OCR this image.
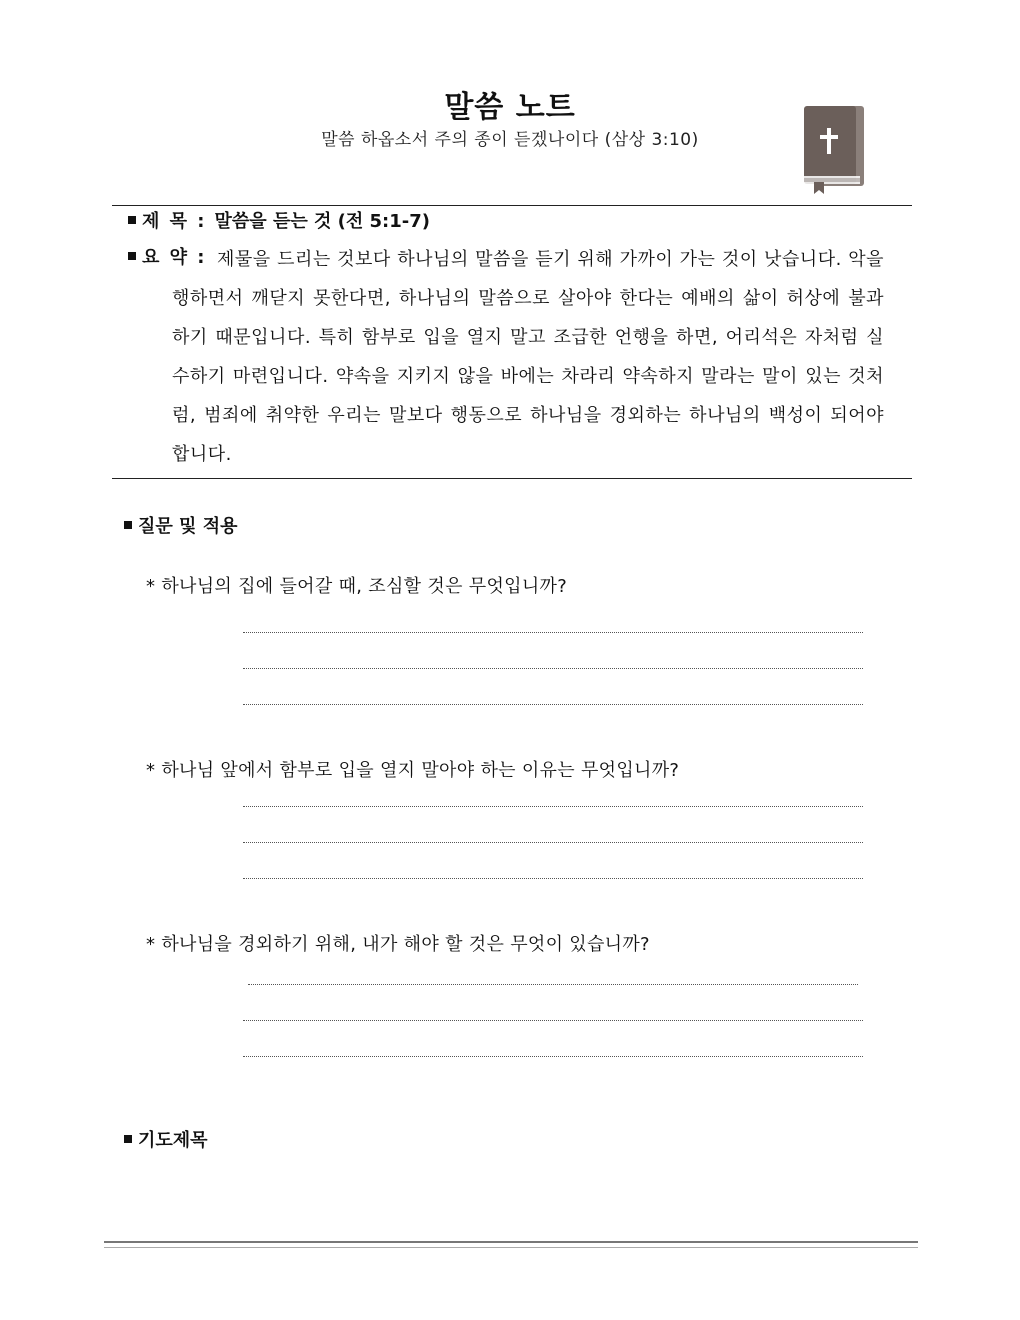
말씀 노트
말씀 하옵소서 주의 종이 듣겠나이다 (삼상 3:10)
제 목 : 말씀을 듣는 것 (전 5:1-7)
요 약 : 제물을 드리는 것보다 하나님의 말씀을 듣기 위해 가까이 가는 것이 낫습니다. 악을 행하면서 깨닫지 못한다면, 하나님의 말씀으로 살아야 한다는 예배의 삶이 허상에 불과하기 때문입니다. 특히 함부로 입을 열지 말고 조급한 언행을 하면, 어리석은 자처럼 실수하기 마련입니다. 약속을 지키지 않을 바에는 차라리 약속하지 말라는 말이 있는 것처럼, 범죄에 취약한 우리는 말보다 행동으로 하나님을 경외하는 하나님의 백성이 되어야 합니다.
질문 및 적용
* 하나님의 집에 들어갈 때, 조심할 것은 무엇입니까?
* 하나님 앞에서 함부로 입을 열지 말아야 하는 이유는 무엇입니까?
* 하나님을 경외하기 위해, 내가 해야 할 것은 무엇이 있습니까?
기도제목
